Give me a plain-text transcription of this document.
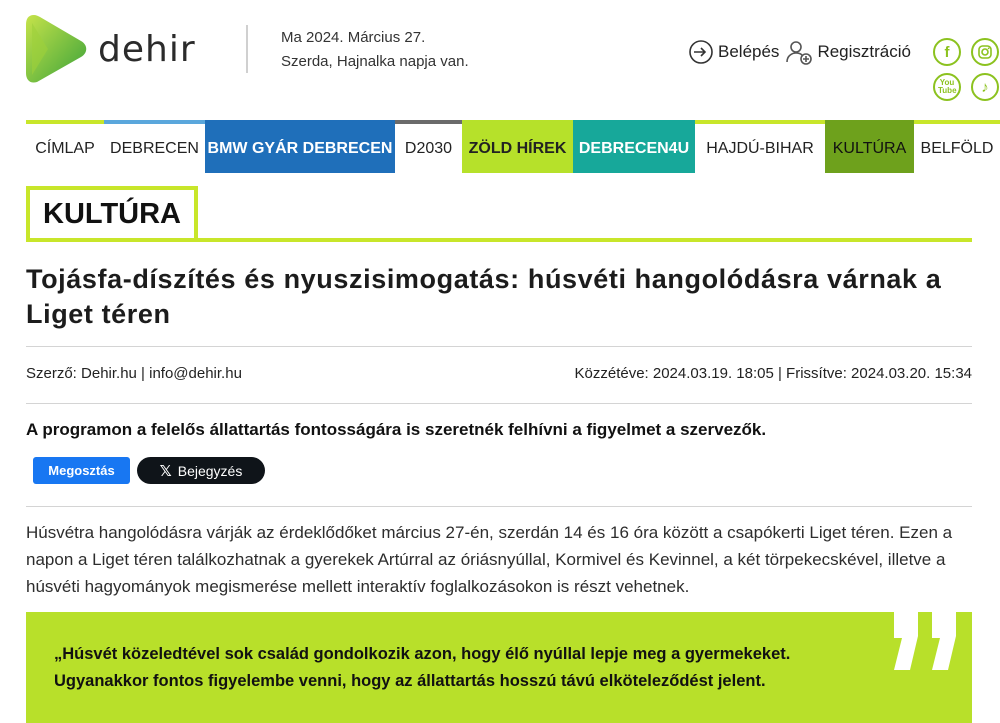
dehir	Ma 2024. Március 27.
Szerda, Hajnalka napja van.
Belépés Regisztráció f
You Tube ♪
CÍMLAP DEBRECEN BMW GYÁR DEBRECEN D2030 ZÖLD HÍREK DEBRECEN4U HAJDÚ-BIHAR KULTÚRA BELFÖLD
KULTÚRA
Tojásfa-díszítés és nyuszisimogatás: húsvéti hangolódásra várnak a Liget téren
Szerző: Dehir.hu | info@dehir.hu	Közzétéve: 2024.03.19. 18:05 | Frissítve: 2024.03.20. 15:34
A programon a felelős állattartás fontosságára is szeretnék felhívni a figyelmet a szervezők.
Megosztás	𝕏 Bejegyzés

Húsvétra hangolódásra várják az érdeklődőket március 27-én, szerdán 14 és 16 óra között a csapókerti Liget téren. Ezen a napon a Liget téren találkozhatnak a gyerekek Artúrral az óriásnyúllal, Kormivel és Kevinnel, a két törpekecskével, illetve a húsvéti hagyományok megismerése mellett interaktív foglalkozásokon is részt vehetnek.

„Húsvét közeledtével sok család gondolkozik azon, hogy élő nyúllal lepje meg a gyermekeket. Ugyanakkor fontos figyelembe venni, hogy az állattartás hosszú távú elköteleződést jelent.
